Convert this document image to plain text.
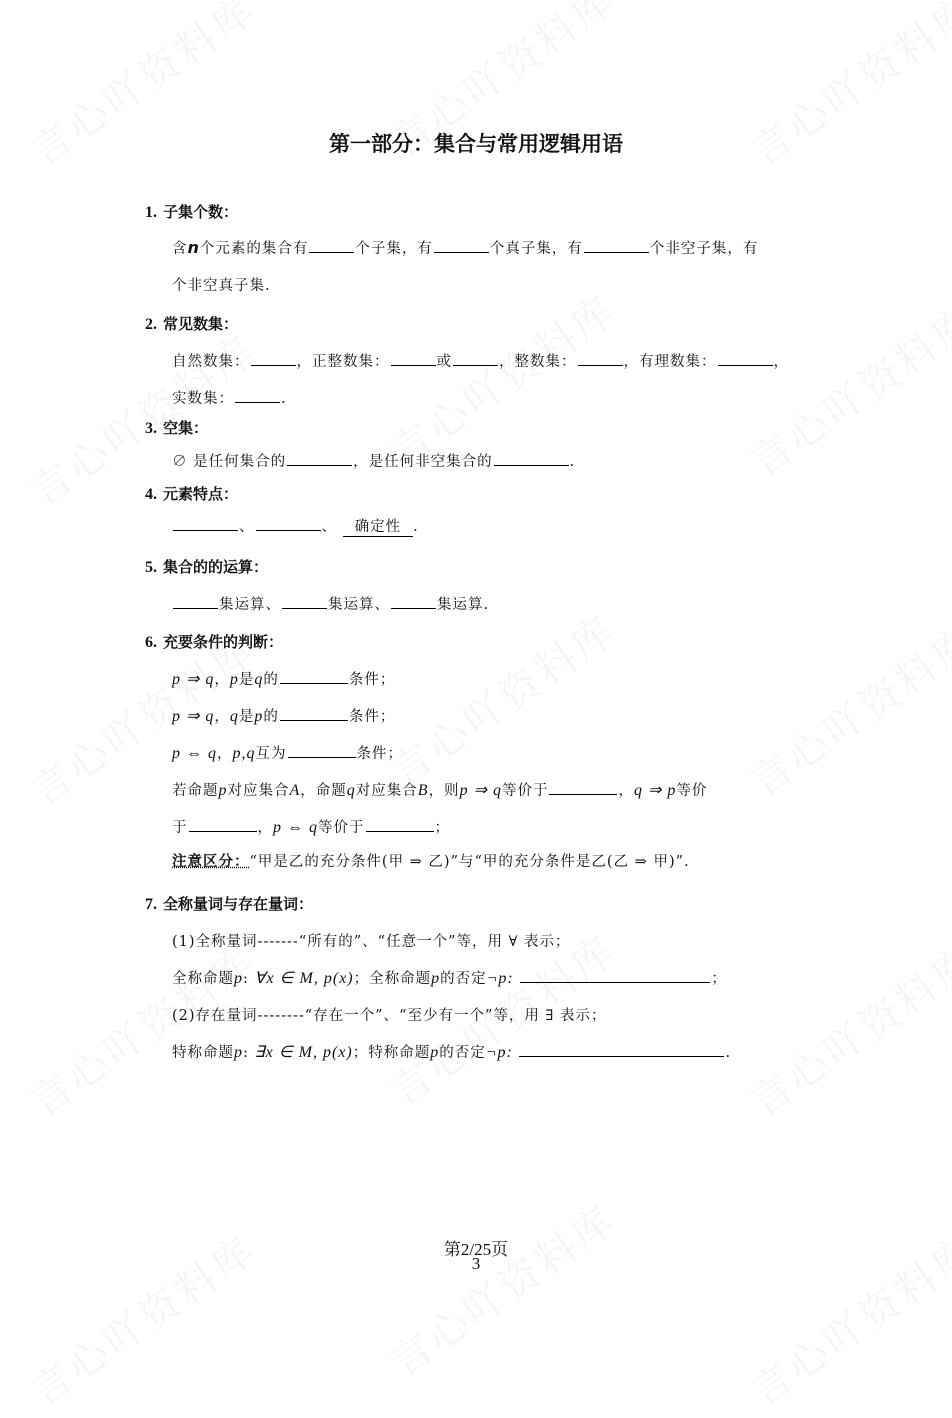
第一部分：集合与常用逻辑用语
1. 子集个数：
含n个元素的集合有	个子集，有	个真子集，有	个非空子集，有
个非空真子集.
2. 常见数集：
自然数集：	，正整数集：	或	，整数集：	，有理数集：	，
实数集：	.
3. 空集：
∅ 是任何集合的	，是任何非空集合的	.
4. 元素特点：
、	、 确定性 .
5. 集合的的运算：
集运算、	集运算、	集运算.
6. 充要条件的判断：
p ⇒ q，p是q的	条件；
p ⇒ q，q是p的	条件；
p ⇔ q，p,q互为	条件；
若命题p对应集合A，命题q对应集合B，则p ⇒ q等价于	，q ⇒ p等价
于	，p ⇔ q等价于	；
注意区分：“甲是乙的充分条件(甲 ⇒ 乙)”与“甲的充分条件是乙(乙 ⇒ 甲)”.
7. 全称量词与存在量词：
(1)全称量词-------“所有的”、“任意一个”等，用 ∀ 表示；
全称命题p: ∀x ∈ M, p(x)；全称命题p的否定¬p:	；
(2)存在量词--------“存在一个”、“至少有一个”等，用 ∃ 表示；
特称命题p: ∃x ∈ M, p(x)；特称命题p的否定¬p:	.
第2/25页
3
